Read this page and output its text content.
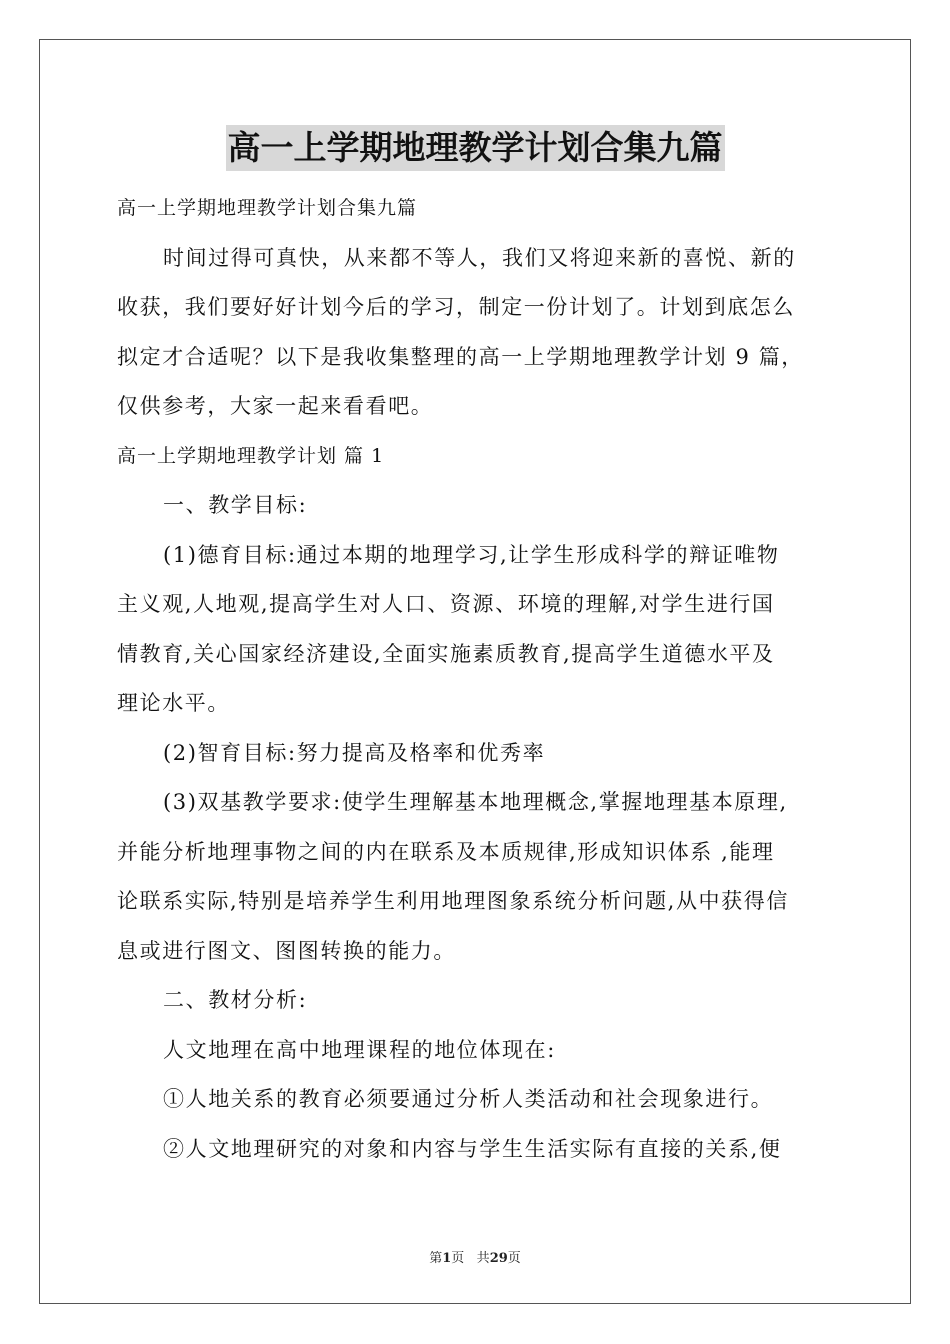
高一上学期地理教学计划合集九篇
高一上学期地理教学计划合集九篇
时间过得可真快，从来都不等人，我们又将迎来新的喜悦、新的
收获，我们要好好计划今后的学习，制定一份计划了。计划到底怎么
拟定才合适呢？以下是我收集整理的高一上学期地理教学计划 9 篇，
仅供参考，大家一起来看看吧。
高一上学期地理教学计划 篇 1
一、教学目标:
(1)德育目标:通过本期的地理学习,让学生形成科学的辩证唯物
主义观,人地观,提高学生对人口、资源、环境的理解,对学生进行国
情教育,关心国家经济建设,全面实施素质教育,提高学生道德水平及
理论水平。
(2)智育目标:努力提高及格率和优秀率
(3)双基教学要求:使学生理解基本地理概念,掌握地理基本原理,
并能分析地理事物之间的内在联系及本质规律,形成知识体系 ,能理
论联系实际,特别是培养学生利用地理图象系统分析问题,从中获得信
息或进行图文、图图转换的能力。
二、教材分析:
人文地理在高中地理课程的地位体现在:
①人地关系的教育必须要通过分析人类活动和社会现象进行。
②人文地理研究的对象和内容与学生生活实际有直接的关系,便
第1页 共29页
